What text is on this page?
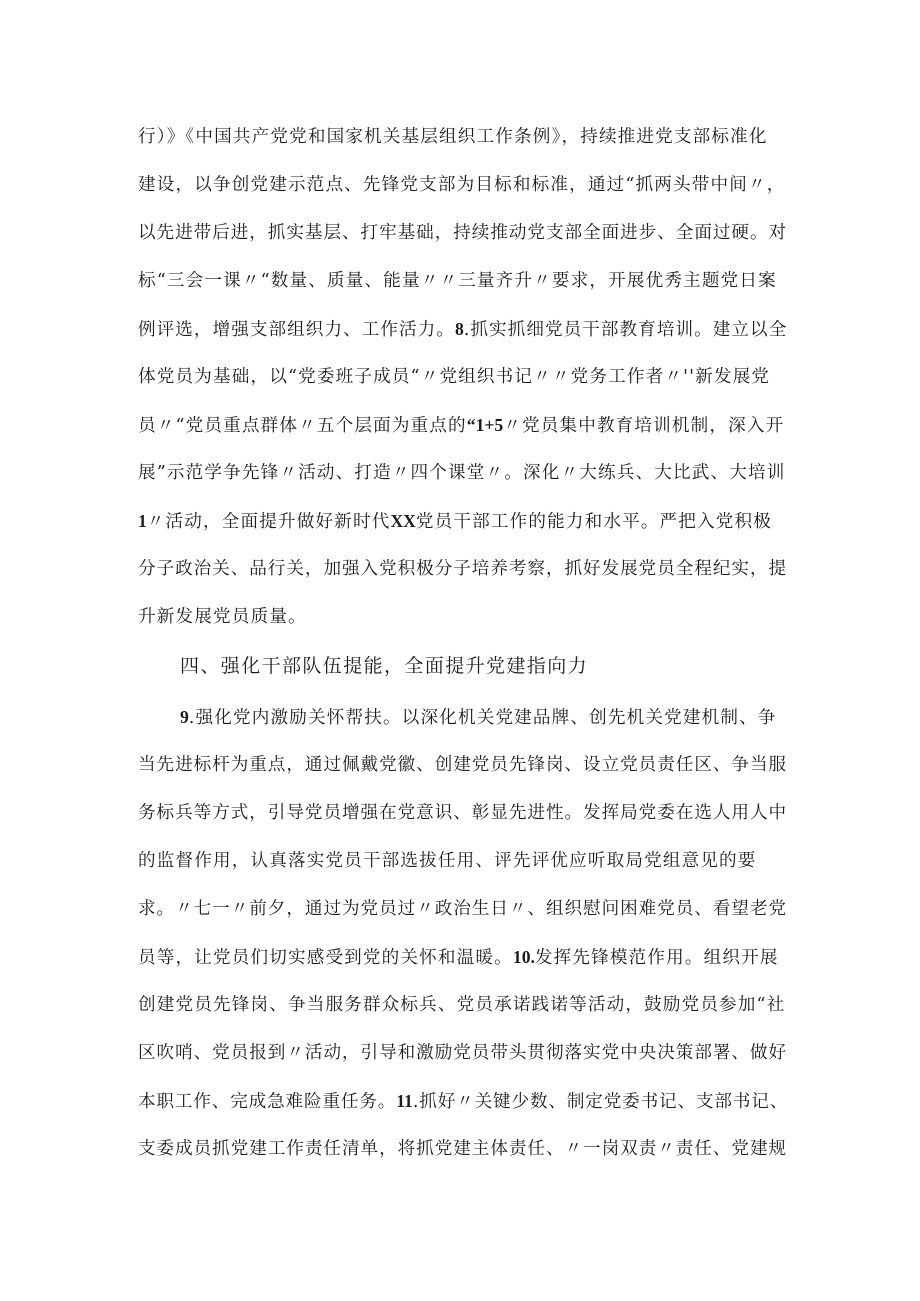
行）》《中国共产党党和国家机关基层组织工作条例》，持续推进党支部标准化
建设，以争创党建示范点、先锋党支部为目标和标准，通过“抓两头带中间〃，
以先进带后进，抓实基层、打牢基础，持续推动党支部全面进步、全面过硬。对
标“三会一课〃“数量、质量、能量〃〃三量齐升〃要求，开展优秀主题党日案
例评选，增强支部组织力、工作活力。8.抓实抓细党员干部教育培训。建立以全
体党员为基础，以“党委班子成员“〃党组织书记〃〃党务工作者〃''新发展党
员〃“党员重点群体〃五个层面为重点的“1+5〃党员集中教育培训机制，深入开
展”示范学争先锋〃活动、打造〃四个课堂〃。深化〃大练兵、大比武、大培训
1〃活动，全面提升做好新时代XX党员干部工作的能力和水平。严把入党积极
分子政治关、品行关，加强入党积极分子培养考察，抓好发展党员全程纪实，提
升新发展党员质量。
四、强化干部队伍提能，全面提升党建指向力
9.强化党内激励关怀帮扶。以深化机关党建品牌、创先机关党建机制、争
当先进标杆为重点，通过佩戴党徽、创建党员先锋岗、设立党员责任区、争当服
务标兵等方式，引导党员增强在党意识、彰显先进性。发挥局党委在选人用人中
的监督作用，认真落实党员干部选拔任用、评先评优应听取局党组意见的要
求。〃七一〃前夕，通过为党员过〃政治生日〃、组织慰问困难党员、看望老党
员等，让党员们切实感受到党的关怀和温暖。10.发挥先锋模范作用。组织开展
创建党员先锋岗、争当服务群众标兵、党员承诺践诺等活动，鼓励党员参加“社
区吹哨、党员报到〃活动，引导和激励党员带头贯彻落实党中央决策部署、做好
本职工作、完成急难险重任务。11.抓好〃关键少数、制定党委书记、支部书记、
支委成员抓党建工作责任清单，将抓党建主体责任、〃一岗双责〃责任、党建规
